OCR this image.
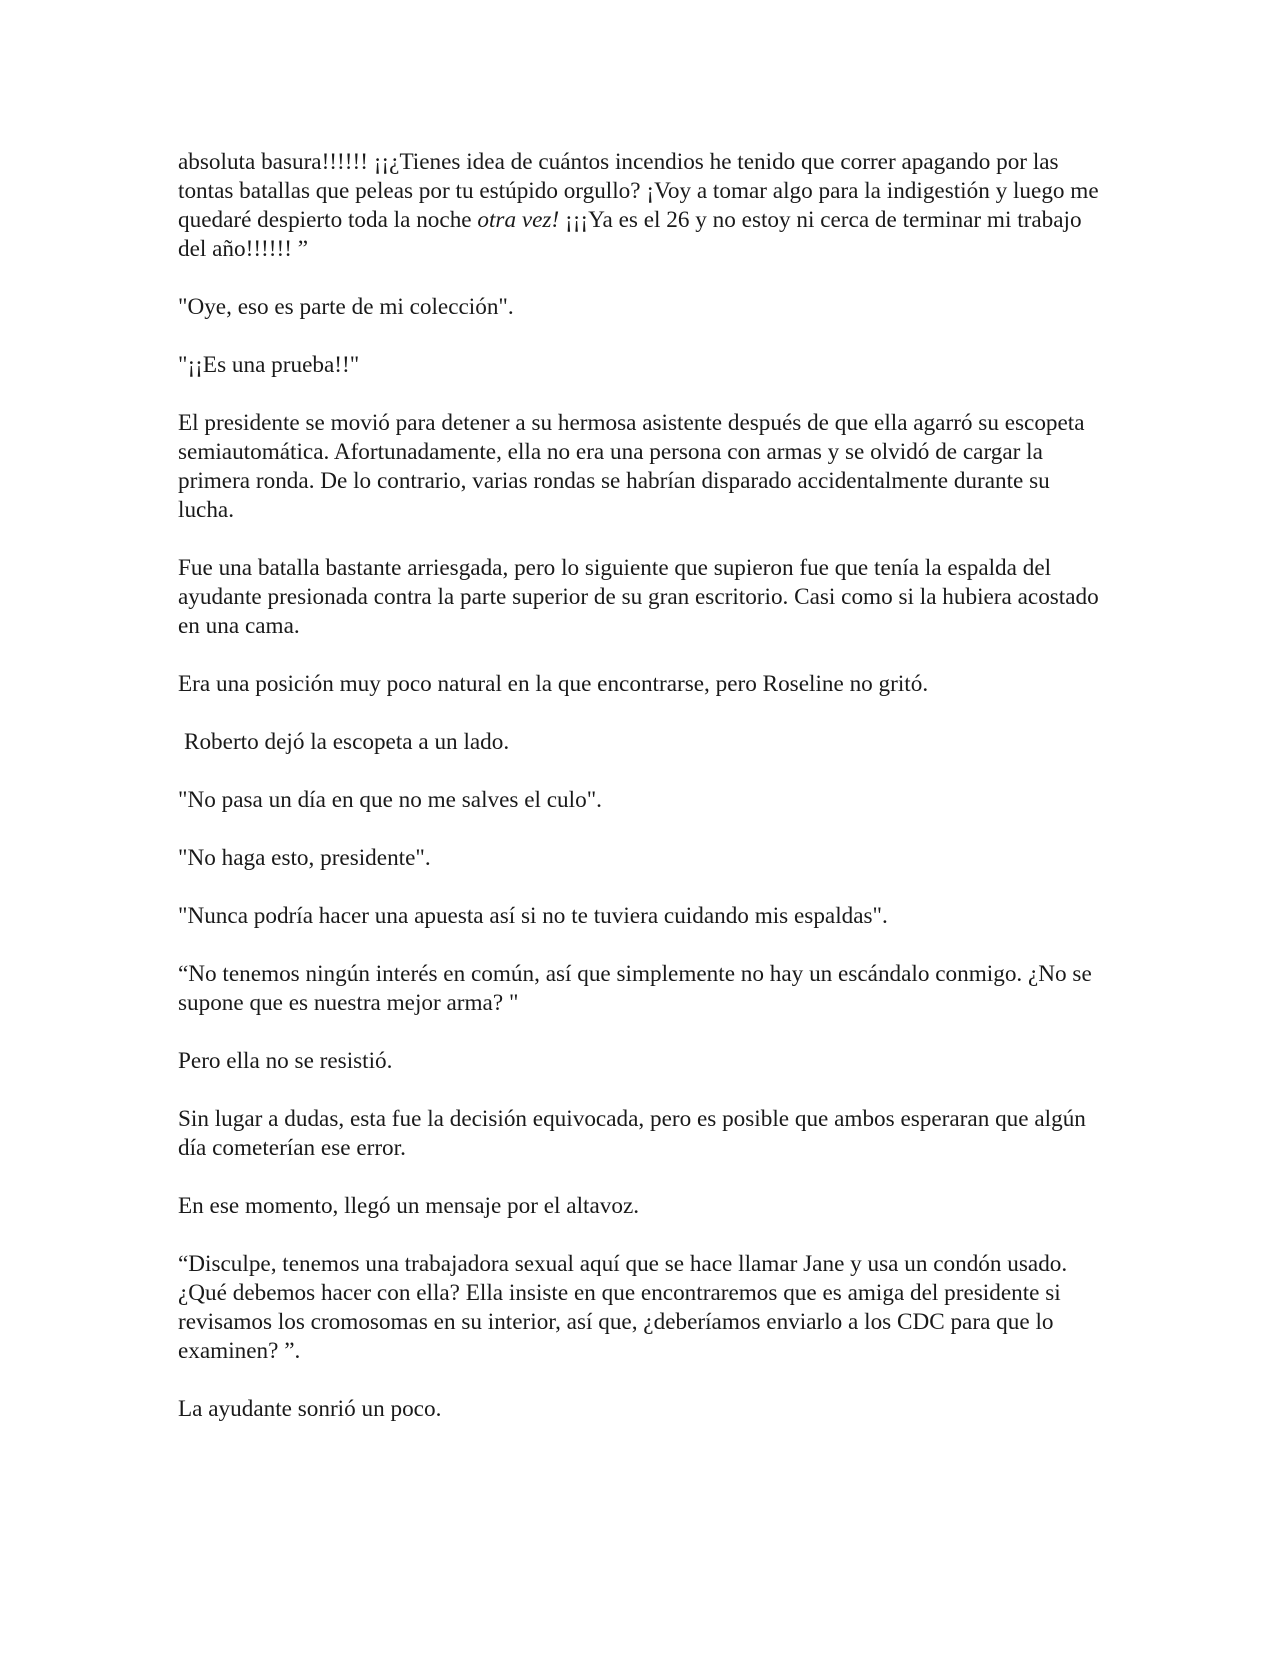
absoluta basura!!!!!! ¡¡¿Tienes idea de cuántos incendios he tenido que correr apagando por las tontas batallas que peleas por tu estúpido orgullo? ¡Voy a tomar algo para la indigestión y luego me quedaré despierto toda la noche otra vez! ¡¡¡Ya es el 26 y no estoy ni cerca de terminar mi trabajo del año!!!!!! ”

"Oye, eso es parte de mi colección".

"¡¡Es una prueba!!"

El presidente se movió para detener a su hermosa asistente después de que ella agarró su escopeta semiautomática. Afortunadamente, ella no era una persona con armas y se olvidó de cargar la primera ronda. De lo contrario, varias rondas se habrían disparado accidentalmente durante su lucha.

Fue una batalla bastante arriesgada, pero lo siguiente que supieron fue que tenía la espalda del ayudante presionada contra la parte superior de su gran escritorio. Casi como si la hubiera acostado en una cama.

Era una posición muy poco natural en la que encontrarse, pero Roseline no gritó.

Roberto dejó la escopeta a un lado.

"No pasa un día en que no me salves el culo".

"No haga esto, presidente".

"Nunca podría hacer una apuesta así si no te tuviera cuidando mis espaldas".

“No tenemos ningún interés en común, así que simplemente no hay un escándalo conmigo. ¿No se supone que es nuestra mejor arma? "

Pero ella no se resistió.

Sin lugar a dudas, esta fue la decisión equivocada, pero es posible que ambos esperaran que algún día cometerían ese error.

En ese momento, llegó un mensaje por el altavoz.

“Disculpe, tenemos una trabajadora sexual aquí que se hace llamar Jane y usa un condón usado. ¿Qué debemos hacer con ella? Ella insiste en que encontraremos que es amiga del presidente si revisamos los cromosomas en su interior, así que, ¿deberíamos enviarlo a los CDC para que lo examinen? ”.

La ayudante sonrió un poco.
